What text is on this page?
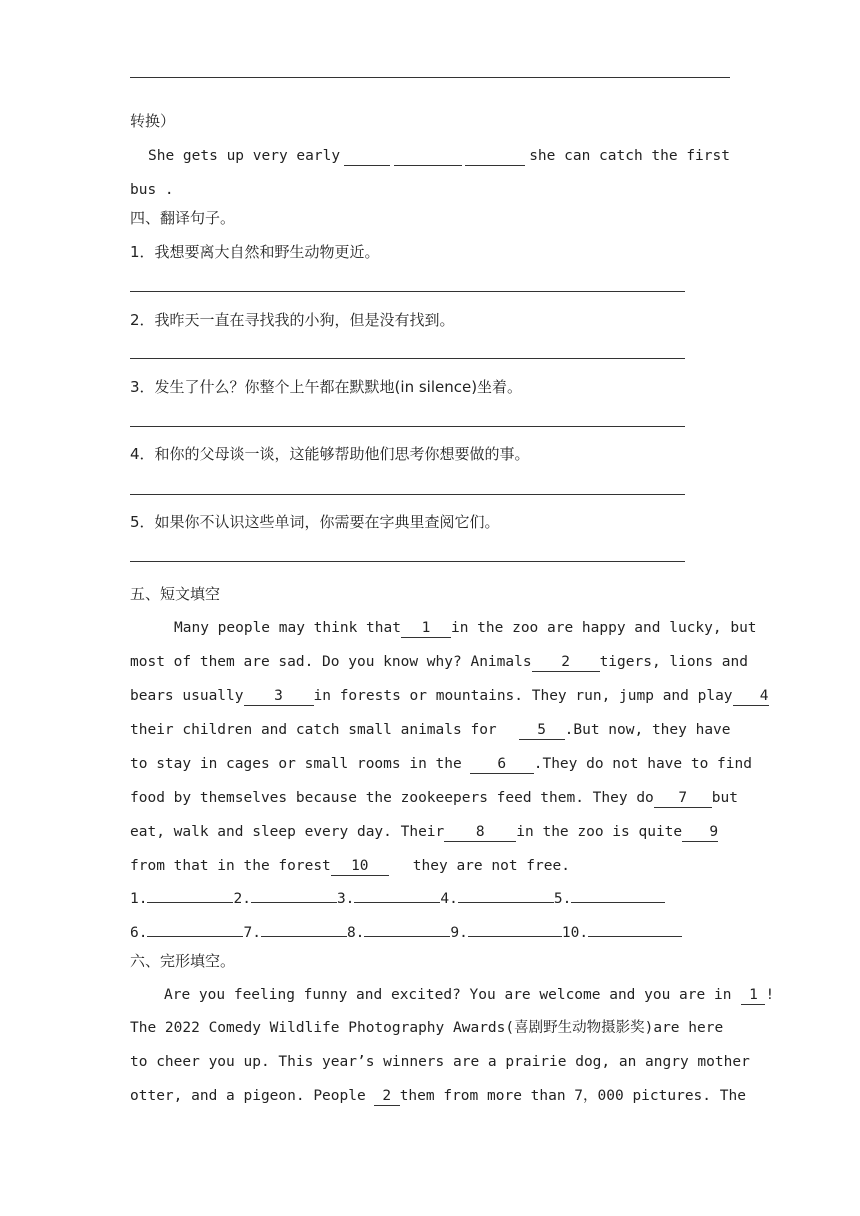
转换）
She gets up very early	she can catch the first
bus .
四、翻译句子。
1．我想要离大自然和野生动物更近。
2．我昨天一直在寻找我的小狗，但是没有找到。
3．发生了什么？你整个上午都在默默地(in silence)坐着。
4．和你的父母谈一谈，这能够帮助他们思考你想要做的事。
5．如果你不认识这些单词，你需要在字典里查阅它们。
五、短文填空
Many people may think that 1 in the zoo are happy and lucky, but
most of them are sad. Do you know why? Animals 2 tigers, lions and
bears usually 3 in forests or mountains. They run, jump and play 4
their children and catch small animals for	5 .But now, they have
to stay in cages or small rooms in the 6 .They do not have to find
food by themselves because the zookeepers feed them. They do 7 but
eat, walk and sleep every day. Their 8 in the zoo is quite 9
from that in the forest 10	they are not free.
1.	2.	3.	4.	5.
6.	7.	8.	9.	10.
六、完形填空。
Are you feeling funny and excited? You are welcome and you are in 1 !
The 2022 Comedy Wildlife Photography Awards(喜剧野生动物摄影奖)are here
to cheer you up. This year’s winners are a prairie dog, an angry mother
otter, and a pigeon. People 2 them from more than 7，000 pictures. The
